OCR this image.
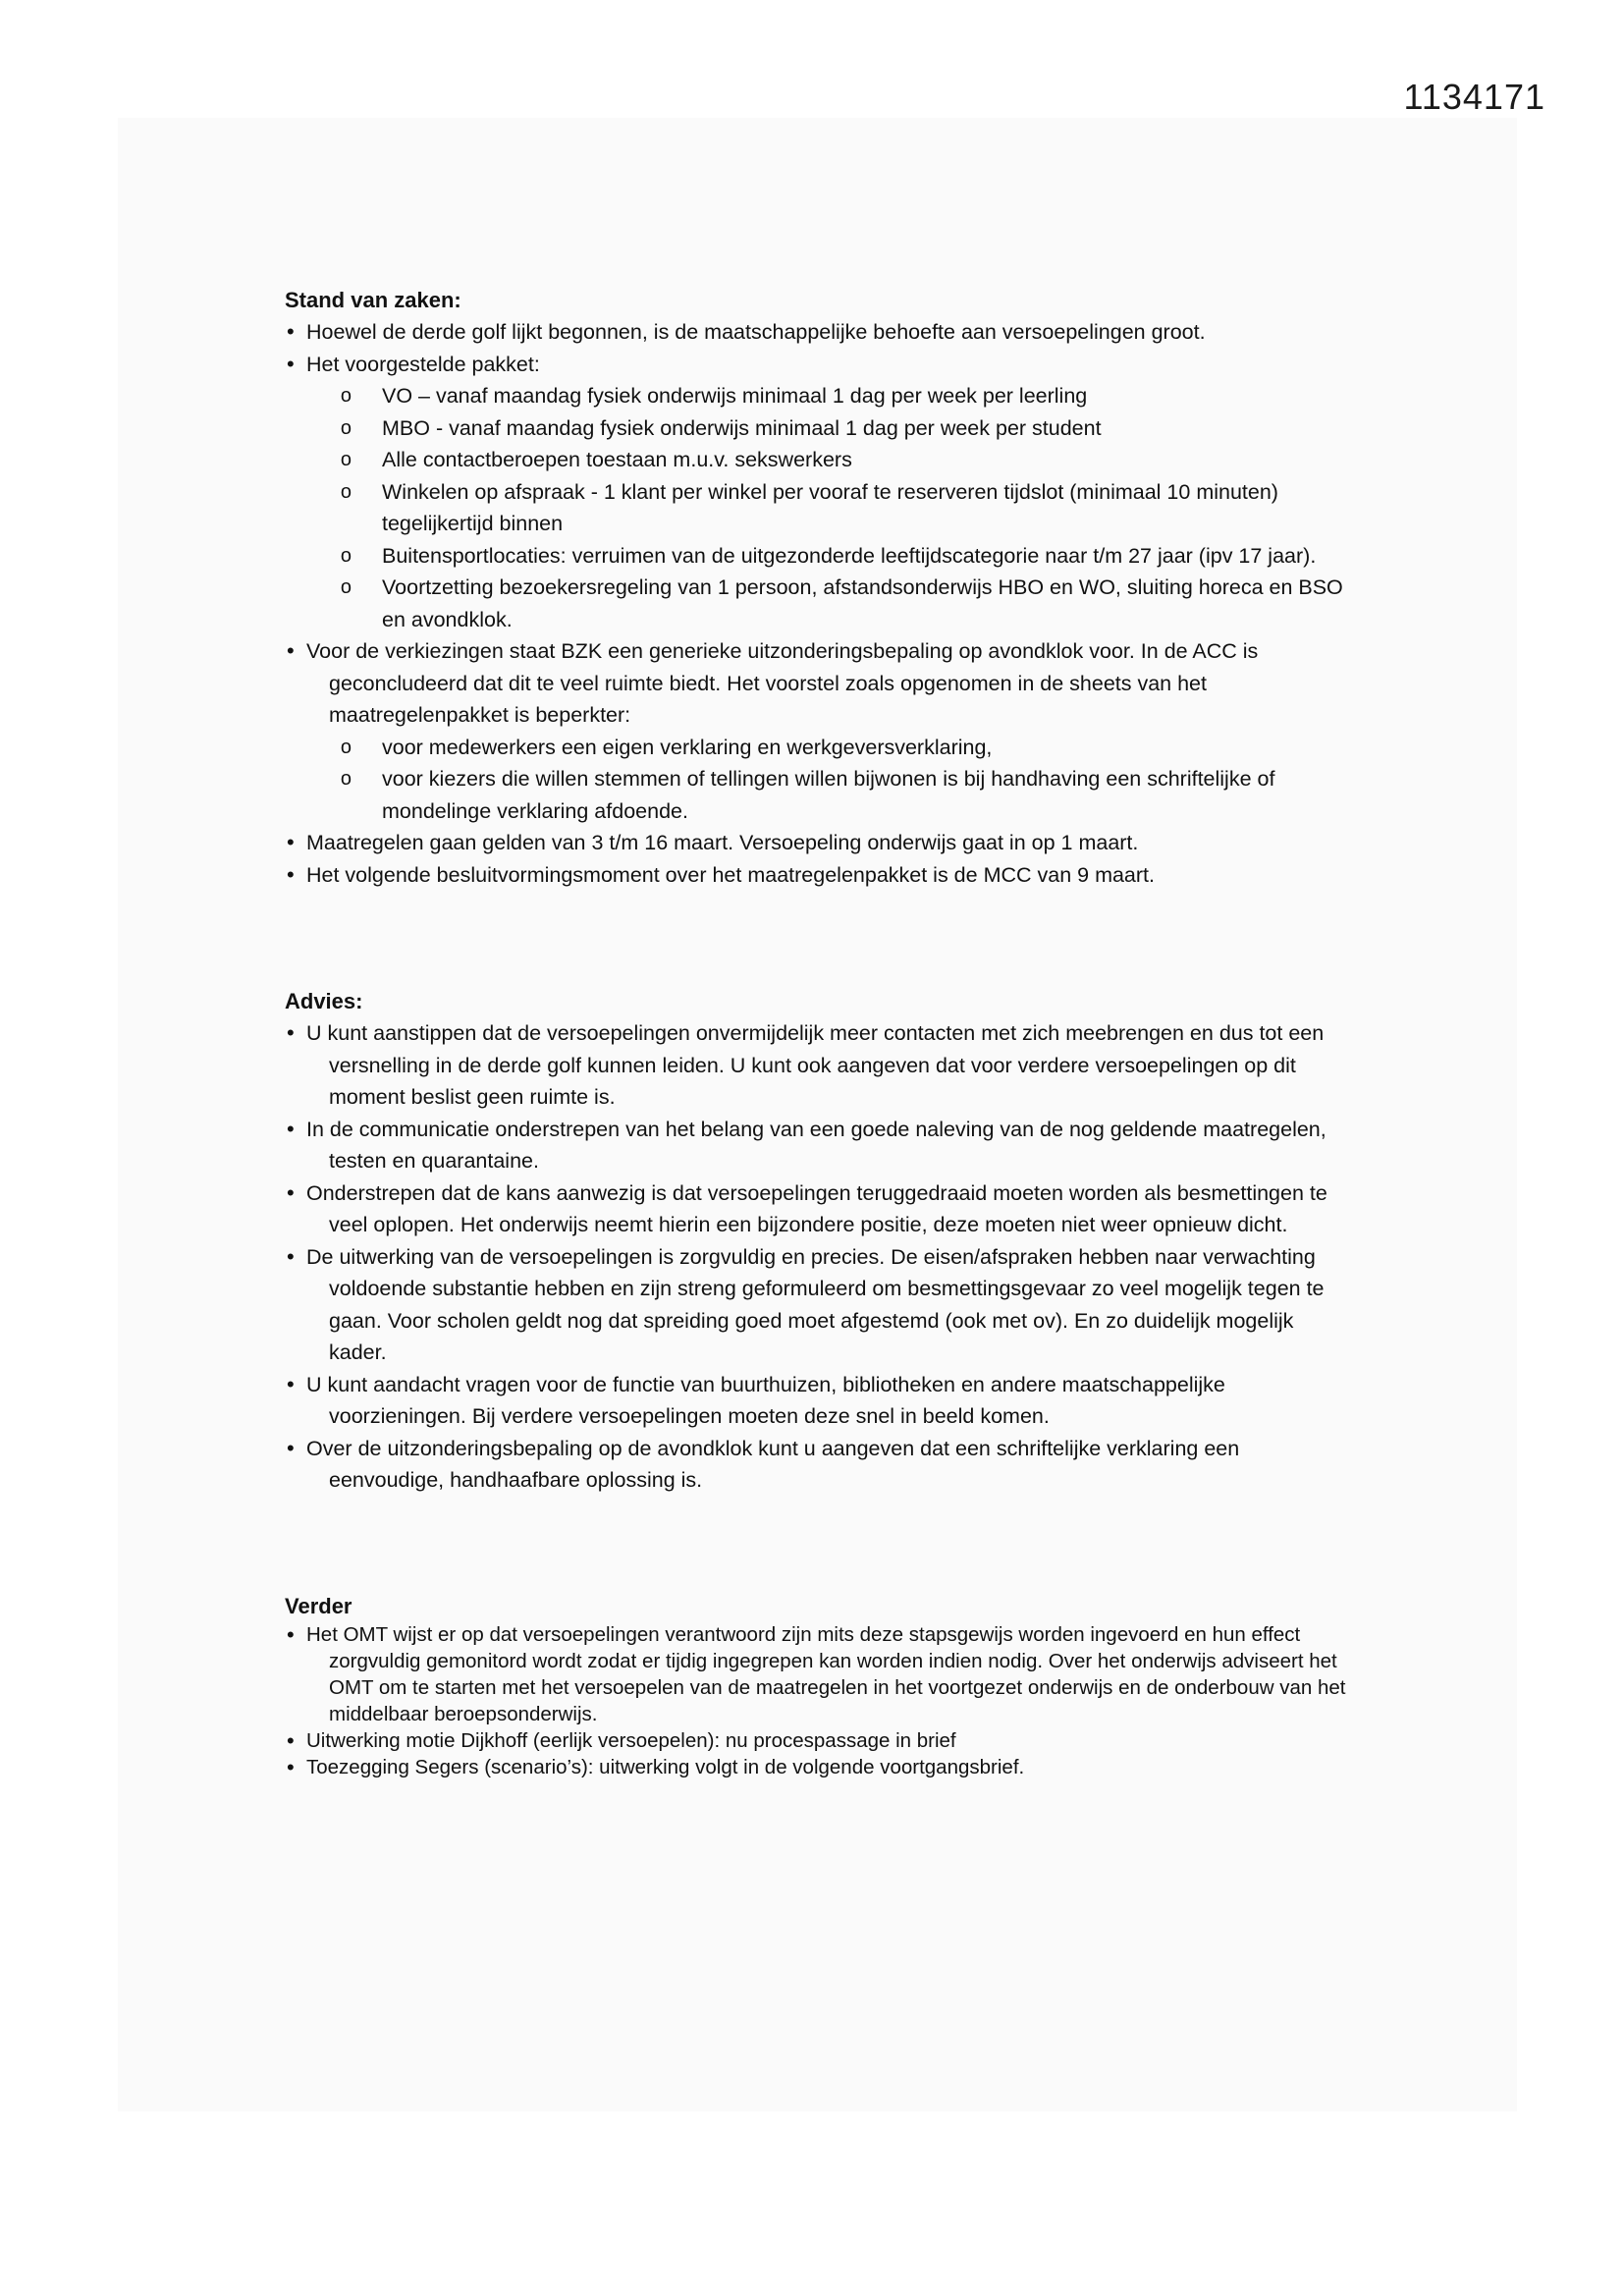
1134171

Stand van zaken:

• Hoewel de derde golf lijkt begonnen, is de maatschappelijke behoefte aan versoepelingen groot.
• Het voorgestelde pakket:
o VO – vanaf maandag fysiek onderwijs minimaal 1 dag per week per leerling
o MBO - vanaf maandag fysiek onderwijs minimaal 1 dag per week per student
o Alle contactberoepen toestaan m.u.v. sekswerkers
o Winkelen op afspraak - 1 klant per winkel per vooraf te reserveren tijdslot (minimaal 10 minuten) tegelijkertijd binnen
o Buitensportlocaties: verruimen van de uitgezonderde leeftijdscategorie naar t/m 27 jaar (ipv 17 jaar).
o Voortzetting bezoekersregeling van 1 persoon, afstandsonderwijs HBO en WO, sluiting horeca en BSO en avondklok.
• Voor de verkiezingen staat BZK een generieke uitzonderingsbepaling op avondklok voor. In de ACC is geconcludeerd dat dit te veel ruimte biedt. Het voorstel zoals opgenomen in de sheets van het maatregelenpakket is beperkter:
o voor medewerkers een eigen verklaring en werkgeversverklaring,
o voor kiezers die willen stemmen of tellingen willen bijwonen is bij handhaving een schriftelijke of mondelinge verklaring afdoende.
• Maatregelen gaan gelden van 3 t/m 16 maart. Versoepeling onderwijs gaat in op 1 maart.
• Het volgende besluitvormingsmoment over het maatregelenpakket is de MCC van 9 maart.

Advies:

• U kunt aanstippen dat de versoepelingen onvermijdelijk meer contacten met zich meebrengen en dus tot een versnelling in de derde golf kunnen leiden. U kunt ook aangeven dat voor verdere versoepelingen op dit moment beslist geen ruimte is.
• In de communicatie onderstrepen van het belang van een goede naleving van de nog geldende maatregelen, testen en quarantaine.
• Onderstrepen dat de kans aanwezig is dat versoepelingen teruggedraaid moeten worden als besmettingen te veel oplopen. Het onderwijs neemt hierin een bijzondere positie, deze moeten niet weer opnieuw dicht.
• De uitwerking van de versoepelingen is zorgvuldig en precies. De eisen/afspraken hebben naar verwachting voldoende substantie hebben en zijn streng geformuleerd om besmettingsgevaar zo veel mogelijk tegen te gaan. Voor scholen geldt nog dat spreiding goed moet afgestemd (ook met ov). En zo duidelijk mogelijk kader.
• U kunt aandacht vragen voor de functie van buurthuizen, bibliotheken en andere maatschappelijke voorzieningen. Bij verdere versoepelingen moeten deze snel in beeld komen.
• Over de uitzonderingsbepaling op de avondklok kunt u aangeven dat een schriftelijke verklaring een eenvoudige, handhaafbare oplossing is.

Verder

• Het OMT wijst er op dat versoepelingen verantwoord zijn mits deze stapsgewijs worden ingevoerd en hun effect zorgvuldig gemonitord wordt zodat er tijdig ingegrepen kan worden indien nodig. Over het onderwijs adviseert het OMT om te starten met het versoepelen van de maatregelen in het voortgezet onderwijs en de onderbouw van het middelbaar beroepsonderwijs.
• Uitwerking motie Dijkhoff (eerlijk versoepelen): nu procespassage in brief
• Toezegging Segers (scenario’s): uitwerking volgt in de volgende voortgangsbrief.
